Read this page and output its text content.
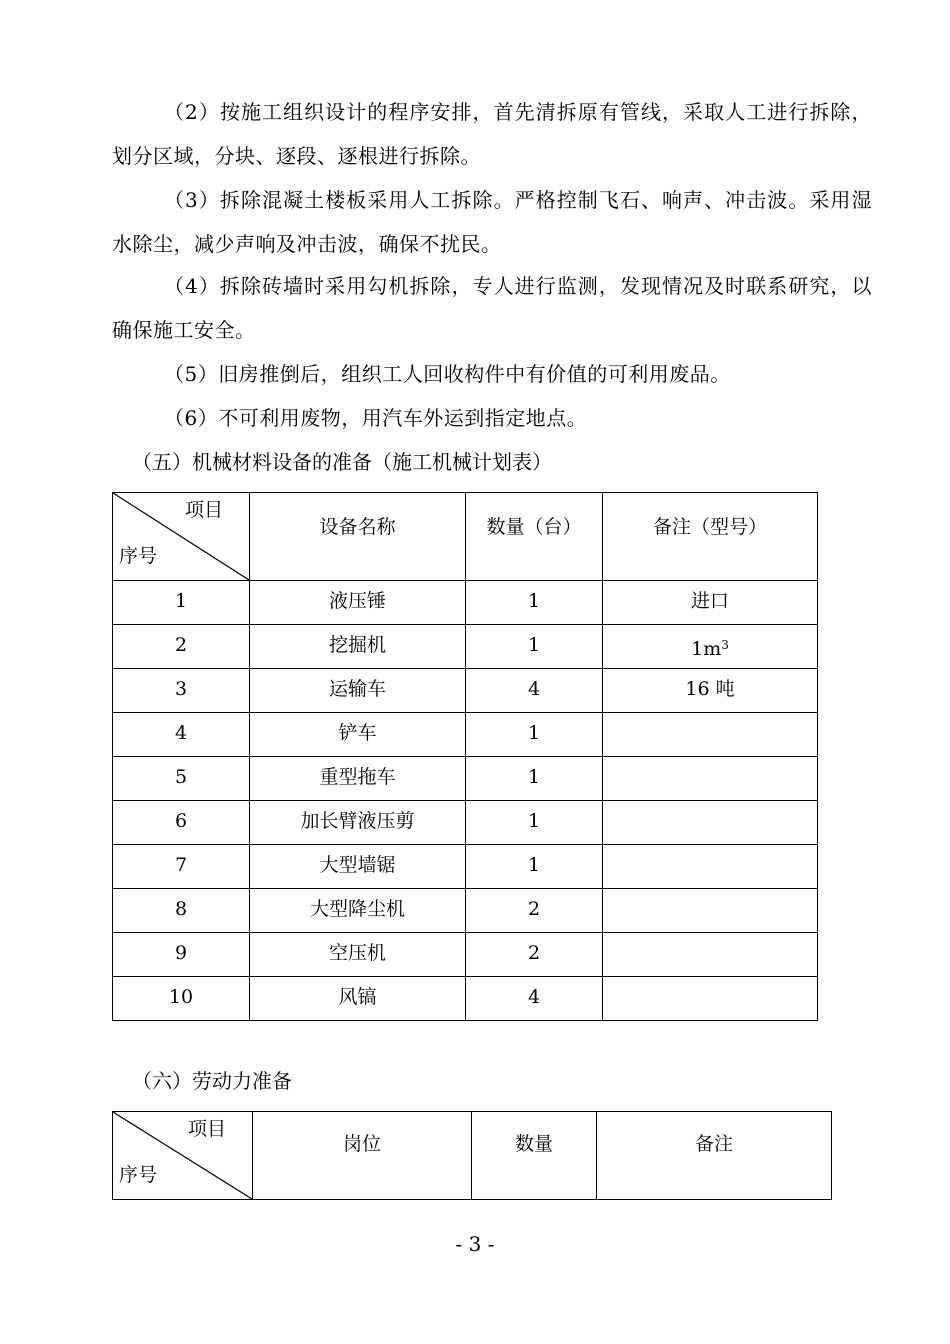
（2）按施工组织设计的程序安排，首先清拆原有管线，采取人工进行拆除，划分区域，分块、逐段、逐根进行拆除。

（3）拆除混凝土楼板采用人工拆除。严格控制飞石、响声、冲击波。采用湿水除尘，减少声响及冲击波，确保不扰民。

（4）拆除砖墙时采用勾机拆除，专人进行监测，发现情况及时联系研究，以确保施工安全。

（5）旧房推倒后，组织工人回收构件中有价值的可利用废品。

（6）不可利用废物，用汽车外运到指定地点。

（五）机械材料设备的准备（施工机械计划表）

项目
序号	设备名称	数量（台）	备注（型号）

1	液压锤	1	进口

2	挖掘机	1	$1m^3$

3	运输车	4	16 吨

4	铲车	1	

5	重型拖车	1	

6	加长臂液压剪	1	

7	大型墙锯	1	

8	大型降尘机	2	

9	空压机	2	

10	风镐	4	

（六）劳动力准备

项目
序号

岗位	数量	备注
- 3 -
